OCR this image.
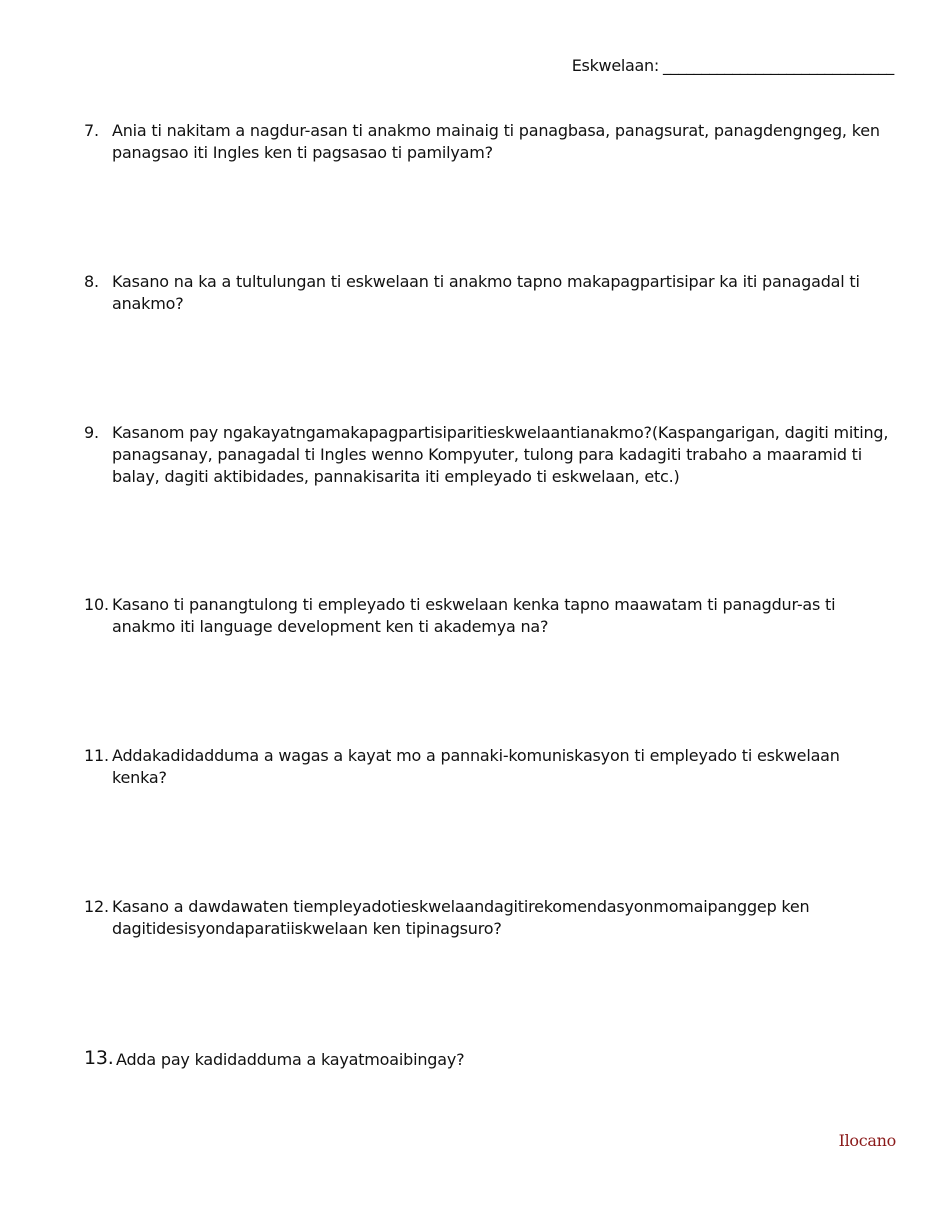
Eskwelaan: ______________________________
7. Ania ti nakitam a nagdur-asan ti anakmo mainaig ti panagbasa, panagsurat, panagdengngeg, ken panagsao iti Ingles ken ti pagsasao ti pamilyam?
8. Kasano na ka a tultulungan ti eskwelaan ti anakmo tapno makapagpartisipar ka iti panagadal ti anakmo?
9. Kasanom pay ngakayatngamakapagpartisiparitieskwelaantianakmo?(Kaspangarigan, dagiti miting, panagsanay, panagadal ti Ingles wenno Kompyuter, tulong para kadagiti trabaho a maaramid ti balay, dagiti aktibidades, pannakisarita iti empleyado ti eskwelaan, etc.)
10. Kasano ti panangtulong ti empleyado ti eskwelaan kenka tapno maawatam ti panagdur-as ti anakmo iti language development ken ti akademya na?
11. Addakadidadduma a wagas a kayat mo a pannaki-komuniskasyon ti empleyado ti eskwelaan kenka?
12. Kasano a dawdawaten tiempleyadotieskwelaandagitirekomendasyonmomaipanggep ken dagitidesisyondaparatiiskwelaan ken tipinagsuro?
13. Adda pay kadidadduma a kayatmoaibingay?
Ilocano
